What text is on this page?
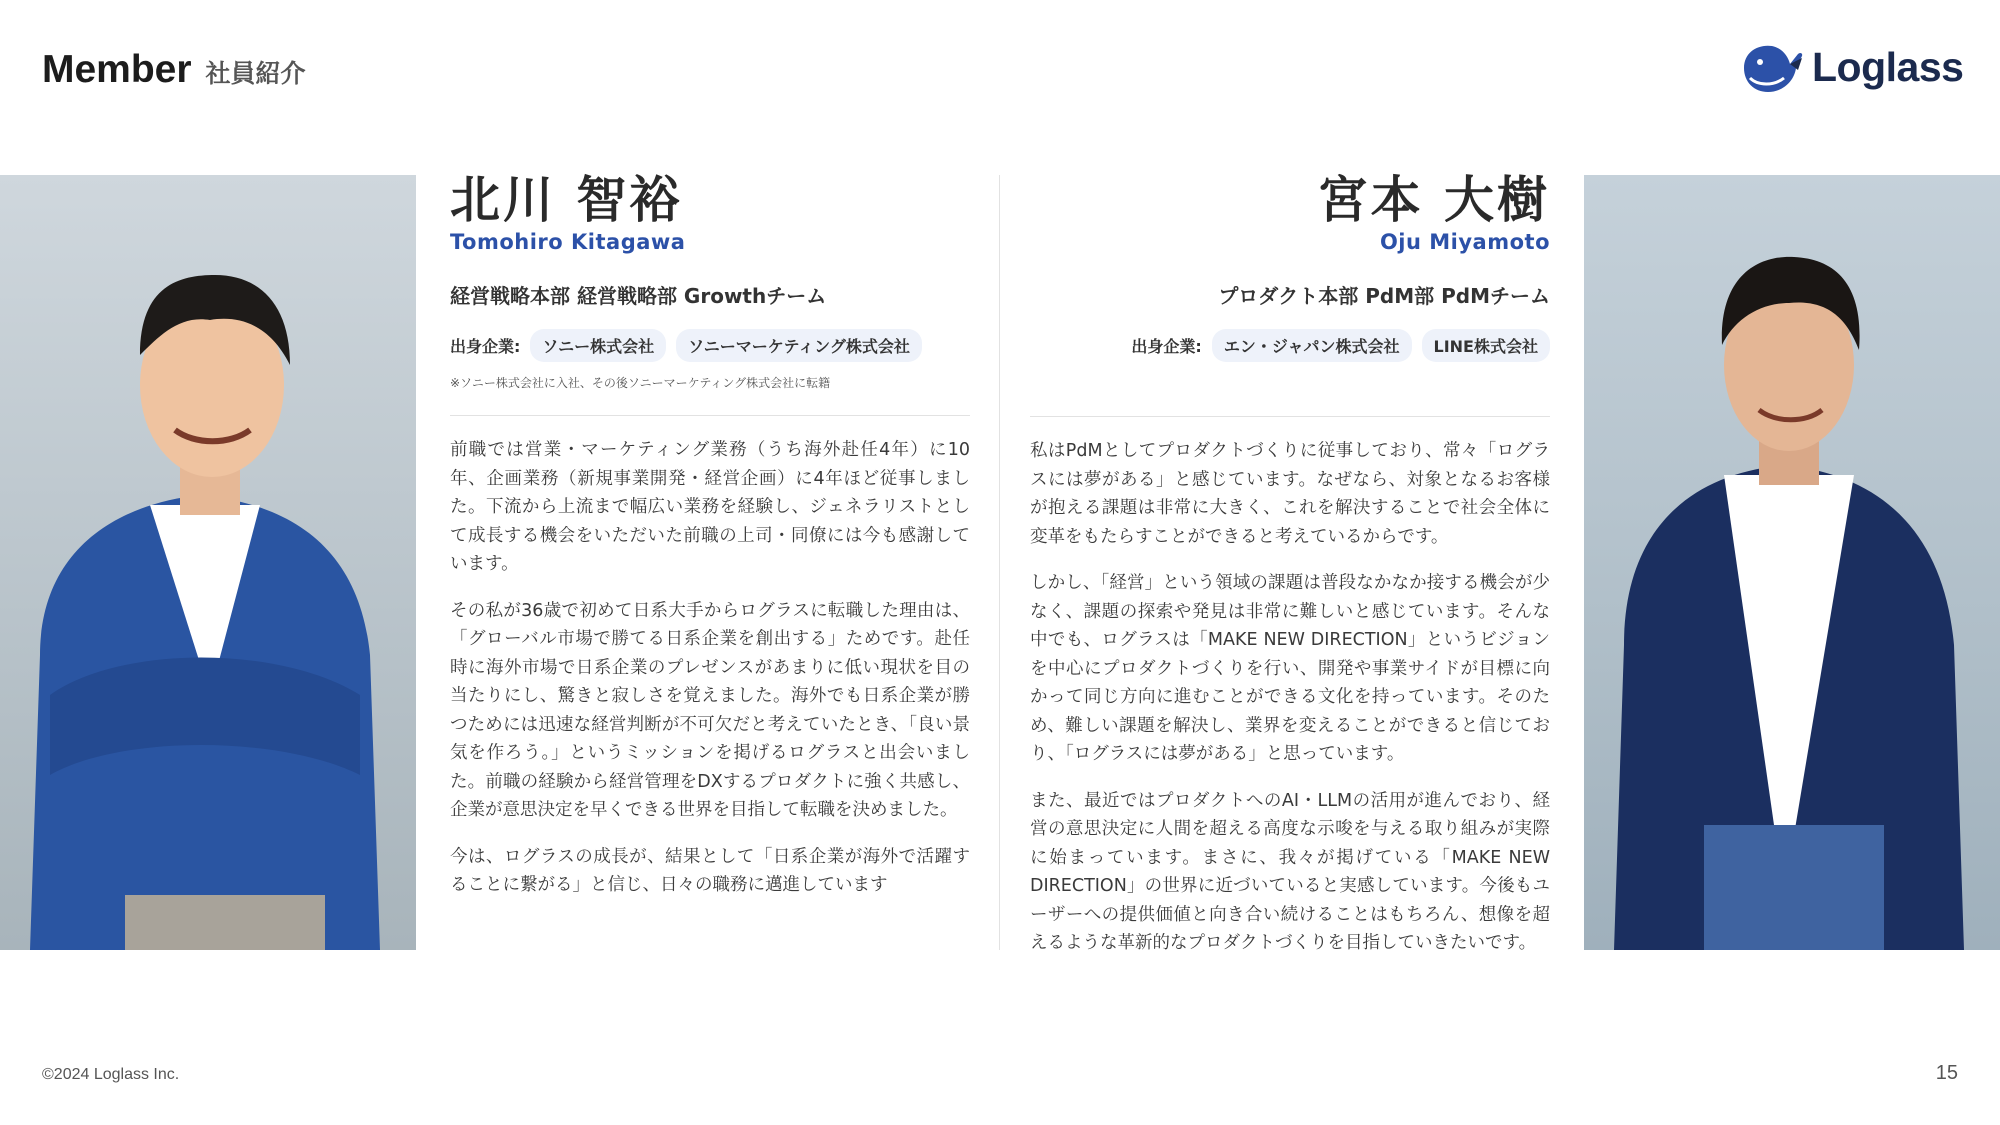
Member 社員紹介	Loglass
北川 智裕
Tomohiro Kitagawa
経営戦略本部 経営戦略部 Growthチーム
出身企業:	ソニー株式会社	ソニーマーケティング株式会社
※ソニー株式会社に入社、その後ソニーマーケティング株式会社に転籍

前職では営業・マーケティング業務（うち海外赴任4年）に10年、企画業務（新規事業開発・経営企画）に4年ほど従事しました。下流から上流まで幅広い業務を経験し、ジェネラリストとして成長する機会をいただいた前職の上司・同僚には今も感謝しています。

その私が36歳で初めて日系大手からログラスに転職した理由は、「グローバル市場で勝てる日系企業を創出する」ためです。赴任時に海外市場で日系企業のプレゼンスがあまりに低い現状を目の当たりにし、驚きと寂しさを覚えました。海外でも日系企業が勝つためには迅速な経営判断が不可欠だと考えていたとき、「良い景気を作ろう。」というミッションを掲げるログラスと出会いました。前職の経験から経営管理をDXするプロダクトに強く共感し、企業が意思決定を早くできる世界を目指して転職を決めました。

今は、ログラスの成長が、結果として「日系企業が海外で活躍することに繋がる」と信じ、日々の職務に邁進しています

宮本 大樹
Oju Miyamoto
プロダクト本部 PdM部 PdMチーム
出身企業:	エン・ジャパン株式会社	LINE株式会社

私はPdMとしてプロダクトづくりに従事しており、常々「ログラスには夢がある」と感じています。なぜなら、対象となるお客様が抱える課題は非常に大きく、これを解決することで社会全体に変革をもたらすことができると考えているからです。

しかし、「経営」という領域の課題は普段なかなか接する機会が少なく、課題の探索や発見は非常に難しいと感じています。そんな中でも、ログラスは「MAKE NEW DIRECTION」というビジョンを中心にプロダクトづくりを行い、開発や事業サイドが目標に向かって同じ方向に進むことができる文化を持っています。そのため、難しい課題を解決し、業界を変えることができると信じており、「ログラスには夢がある」と思っています。

また、最近ではプロダクトへのAI・LLMの活用が進んでおり、経営の意思決定に人間を超える高度な示唆を与える取り組みが実際に始まっています。まさに、我々が掲げている「MAKE NEW DIRECTION」の世界に近づいていると実感しています。今後もユーザーへの提供価値と向き合い続けることはもちろん、想像を超えるような革新的なプロダクトづくりを目指していきたいです。

©2024 Loglass Inc.	15
